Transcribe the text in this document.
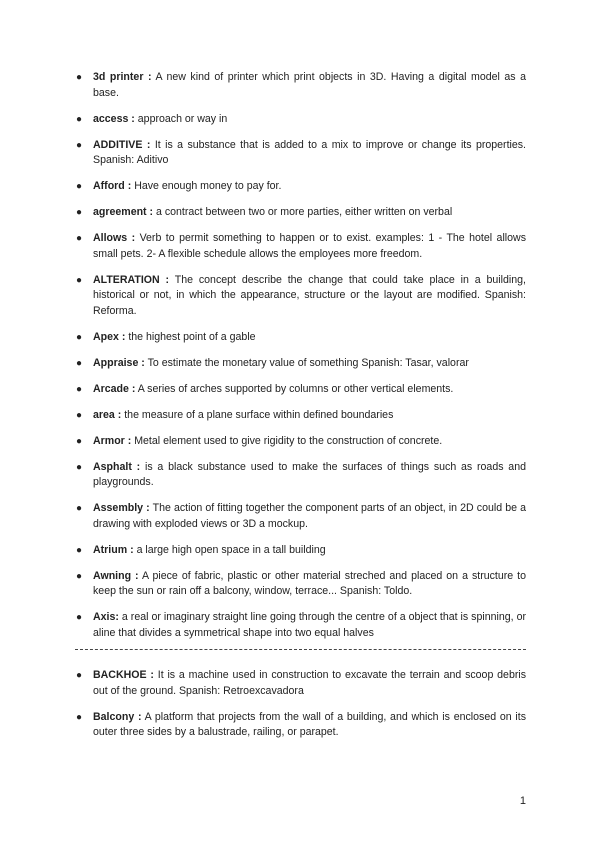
● 3d printer : A new kind of printer which print objects in 3D. Having a digital model as a base.
● access : approach or way in
● ADDITIVE : It is a substance that is added to a mix to improve or change its properties. Spanish: Aditivo
● Afford : Have enough money to pay for.
● agreement : a contract between two or more parties, either written on verbal
● Allows : Verb to permit something to happen or to exist. examples: 1 - The hotel allows small pets. 2- A flexible schedule allows the employees more freedom.
● ALTERATION : The concept describe the change that could take place in a building, historical or not, in which the appearance, structure or the layout are modified. Spanish: Reforma.
● Apex : the highest point of a gable
● Appraise : To estimate the monetary value of something Spanish: Tasar, valorar
● Arcade : A series of arches supported by columns or other vertical elements.
● area : the measure of a plane surface within defined boundaries
● Armor : Metal element used to give rigidity to the construction of concrete.
● Asphalt : is a black substance used to make the surfaces of things such as roads and playgrounds.
● Assembly : The action of fitting together the component parts of an object, in 2D could be a drawing with exploded views or 3D a mockup.
● Atrium : a large high open space in a tall building
● Awning : A piece of fabric, plastic or other material streched and placed on a structure to keep the sun or rain off a balcony, window, terrace... Spanish: Toldo.
● Axis: a real or imaginary straight line going through the centre of a object that is spinning, or aline that divides a symmetrical shape into two equal halves
● BACKHOE : It is a machine used in construction to excavate the terrain and scoop debris out of the ground. Spanish: Retroexcavadora
● Balcony : A platform that projects from the wall of a building, and which is enclosed on its outer three sides by a balustrade, railing, or parapet.
1
